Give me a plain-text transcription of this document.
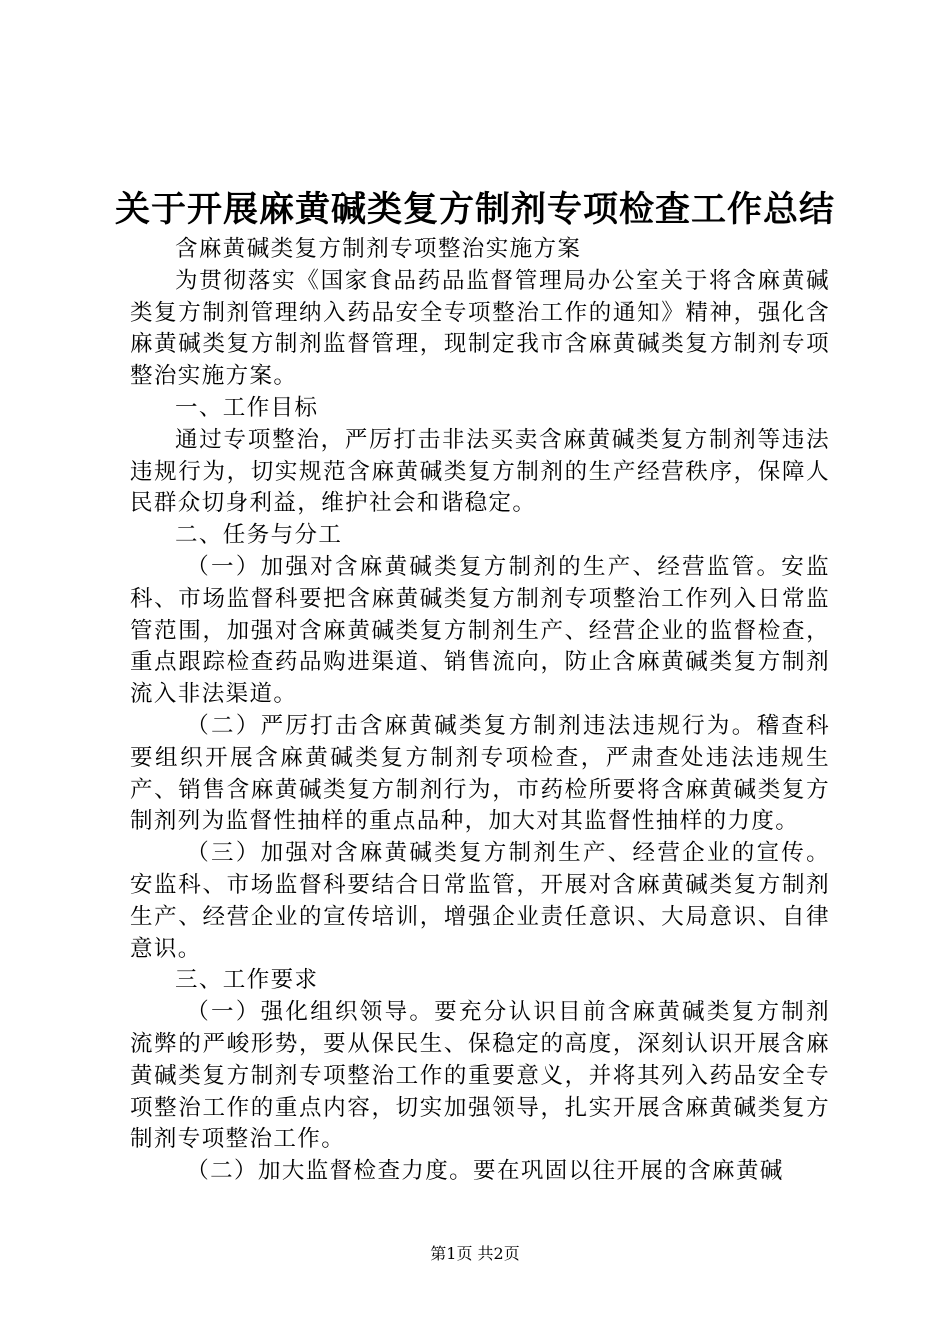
关于开展麻黄碱类复方制剂专项检查工作总结

含麻黄碱类复方制剂专项整治实施方案

为贯彻落实《国家食品药品监督管理局办公室关于将含麻黄碱类复方制剂管理纳入药品安全专项整治工作的通知》精神，强化含麻黄碱类复方制剂监督管理，现制定我市含麻黄碱类复方制剂专项整治实施方案。

一、工作目标

通过专项整治，严厉打击非法买卖含麻黄碱类复方制剂等违法违规行为，切实规范含麻黄碱类复方制剂的生产经营秩序，保障人民群众切身利益，维护社会和谐稳定。

二、任务与分工

（一）加强对含麻黄碱类复方制剂的生产、经营监管。安监科、市场监督科要把含麻黄碱类复方制剂专项整治工作列入日常监管范围，加强对含麻黄碱类复方制剂生产、经营企业的监督检查，重点跟踪检查药品购进渠道、销售流向，防止含麻黄碱类复方制剂流入非法渠道。

（二）严厉打击含麻黄碱类复方制剂违法违规行为。稽查科要组织开展含麻黄碱类复方制剂专项检查，严肃查处违法违规生产、销售含麻黄碱类复方制剂行为，市药检所要将含麻黄碱类复方制剂列为监督性抽样的重点品种，加大对其监督性抽样的力度。

（三）加强对含麻黄碱类复方制剂生产、经营企业的宣传。安监科、市场监督科要结合日常监管，开展对含麻黄碱类复方制剂生产、经营企业的宣传培训，增强企业责任意识、大局意识、自律意识。

三、工作要求

（一）强化组织领导。要充分认识目前含麻黄碱类复方制剂流弊的严峻形势，要从保民生、保稳定的高度，深刻认识开展含麻黄碱类复方制剂专项整治工作的重要意义，并将其列入药品安全专项整治工作的重点内容，切实加强领导，扎实开展含麻黄碱类复方制剂专项整治工作。

（二）加大监督检查力度。要在巩固以往开展的含麻黄碱

第1页 共2页
